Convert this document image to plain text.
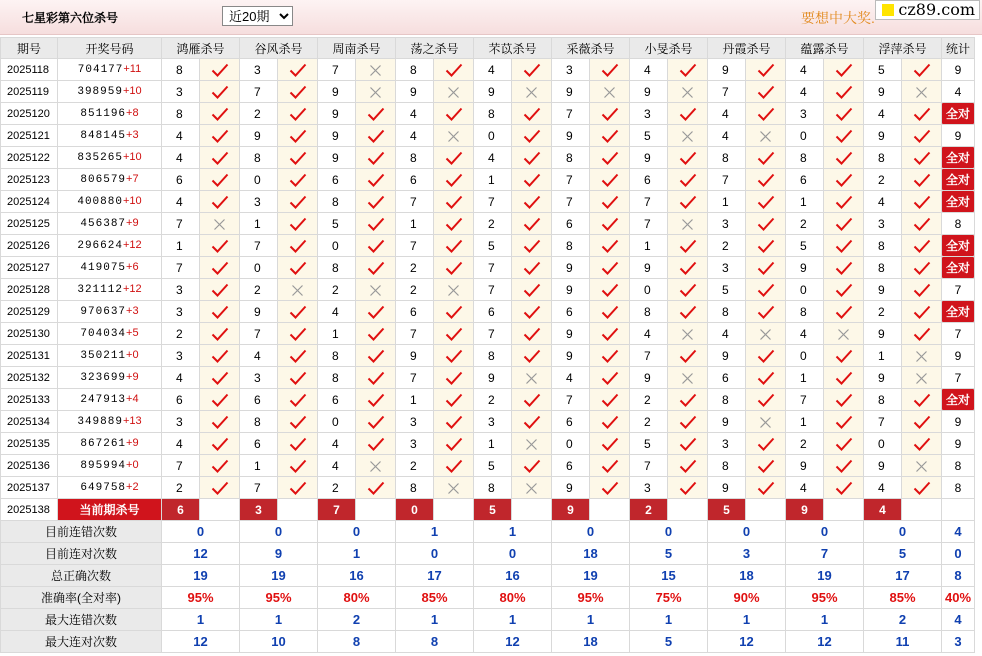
七星彩第六位杀号
近20期	要想中大奖.	cz89.com
期号	开奖号码	鸿雁杀号		谷风杀号		周南杀号		荡之杀号		芣苡杀号		采薇杀号		小旻杀号		丹霞杀号		蕴露杀号		浮萍杀号		统计
2025118	704177+11	8		3		7		8		4		3		4		9		4		5		9
2025119	398959+10	3		7		9		9		9		9		9		7		4		9		4
2025120	851196+8	8		2		9		4		8		7		3		4		3		4		全对
2025121	848145+3	4		9		9		4		0		9		5		4		0		9		9
2025122	835265+10	4		8		9		8		4		8		9		8		8		8		全对
2025123	806579+7	6		0		6		6		1		7		6		7		6		2		全对
2025124	400880+10	4		3		8		7		7		7		7		1		1		4		全对
2025125	456387+9	7		1		5		1		2		6		7		3		2		3		8
2025126	296624+12	1		7		0		7		5		8		1		2		5		8		全对
2025127	419075+6	7		0		8		2		7		9		9		3		9		8		全对
2025128	321112+12	3		2		2		2		7		9		0		5		0		9		7
2025129	970637+3	3		9		4		6		6		6		8		8		8		2		全对
2025130	704034+5	2		7		1		7		7		9		4		4		4		9		7
2025131	350211+0	3		4		8		9		8		9		7		9		0		1		9
2025132	323699+9	4		3		8		7		9		4		9		6		1		9		7
2025133	247913+4	6		6		6		1		2		7		2		8		7		8		全对
2025134	349889+13	3		8		0		3		3		6		2		9		1		7		9
2025135	867261+9	4		6		4		3		1		0		5		3		2		0		9
2025136	895994+0	7		1		4		2		5		6		7		8		9		9		8
2025137	649758+2	2		7		2		8		8		9		3		9		4		4		8
2025138	当前期杀号	6		3		7		0		5		9		2		5		9		4		
目前连错次数		0		0		0		1		1		0		0		0		0		0		4
目前连对次数		12		9		1		0		0		18		5		3		7		5		0
总正确次数		19		19		16		17		16		19		15		18		19		17		8
准确率(全对率)		95%		95%		80%		85%		80%		95%		75%		90%		95%		85%		40%
最大连错次数		1		1		2		1		1		1		1		1		1		2		4
最大连对次数		12		10		8		8		12		18		5		12		12		11		3
